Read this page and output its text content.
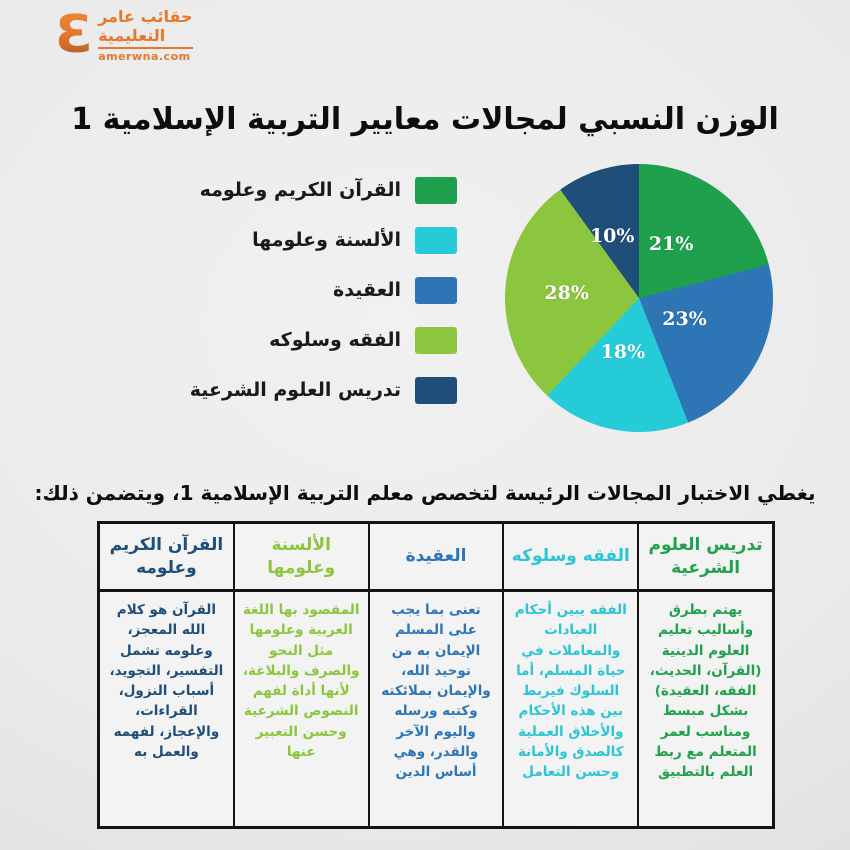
Ɛ حقائب عامر
التعليمية
amerwna.com
الوزن النسبي لمجالات معايير التربية الإسلامية 1
القرآن الكريم وعلومه
الألسنة وعلومها
العقيدة
الفقه وسلوكه
تدريس العلوم الشرعية
21%
23%
18%
28%
10%

يغطي الاختبار المجالات الرئيسة لتخصص معلم التربية الإسلامية 1، ويتضمن ذلك:

القرآن الكريم وعلومه
القرآن هو كلام الله المعجز، وعلومه تشمل التفسير، التجويد، أسباب النزول، القراءات، والإعجاز، لفهمه والعمل به
الألسنة وعلومها
المقصود بها اللغة العربية وعلومها مثل النحو والصرف والبلاغة، لأنها أداة لفهم النصوص الشرعية وحسن التعبير عنها
العقيدة
تعنى بما يجب على المسلم الإيمان به من توحيد الله، والإيمان بملائكته وكتبه ورسله واليوم الآخر والقدر، وهي أساس الدين
الفقه وسلوكه
الفقه يبين أحكام العبادات والمعاملات في حياة المسلم، أما السلوك فيربط بين هذه الأحكام والأخلاق العملية كالصدق والأمانة وحسن التعامل
تدريس العلوم الشرعية
يهتم بطرق وأساليب تعليم العلوم الدينية (القرآن، الحديث، الفقه، العقيدة) بشكل مبسط ومناسب لعمر المتعلم مع ربط العلم بالتطبيق
